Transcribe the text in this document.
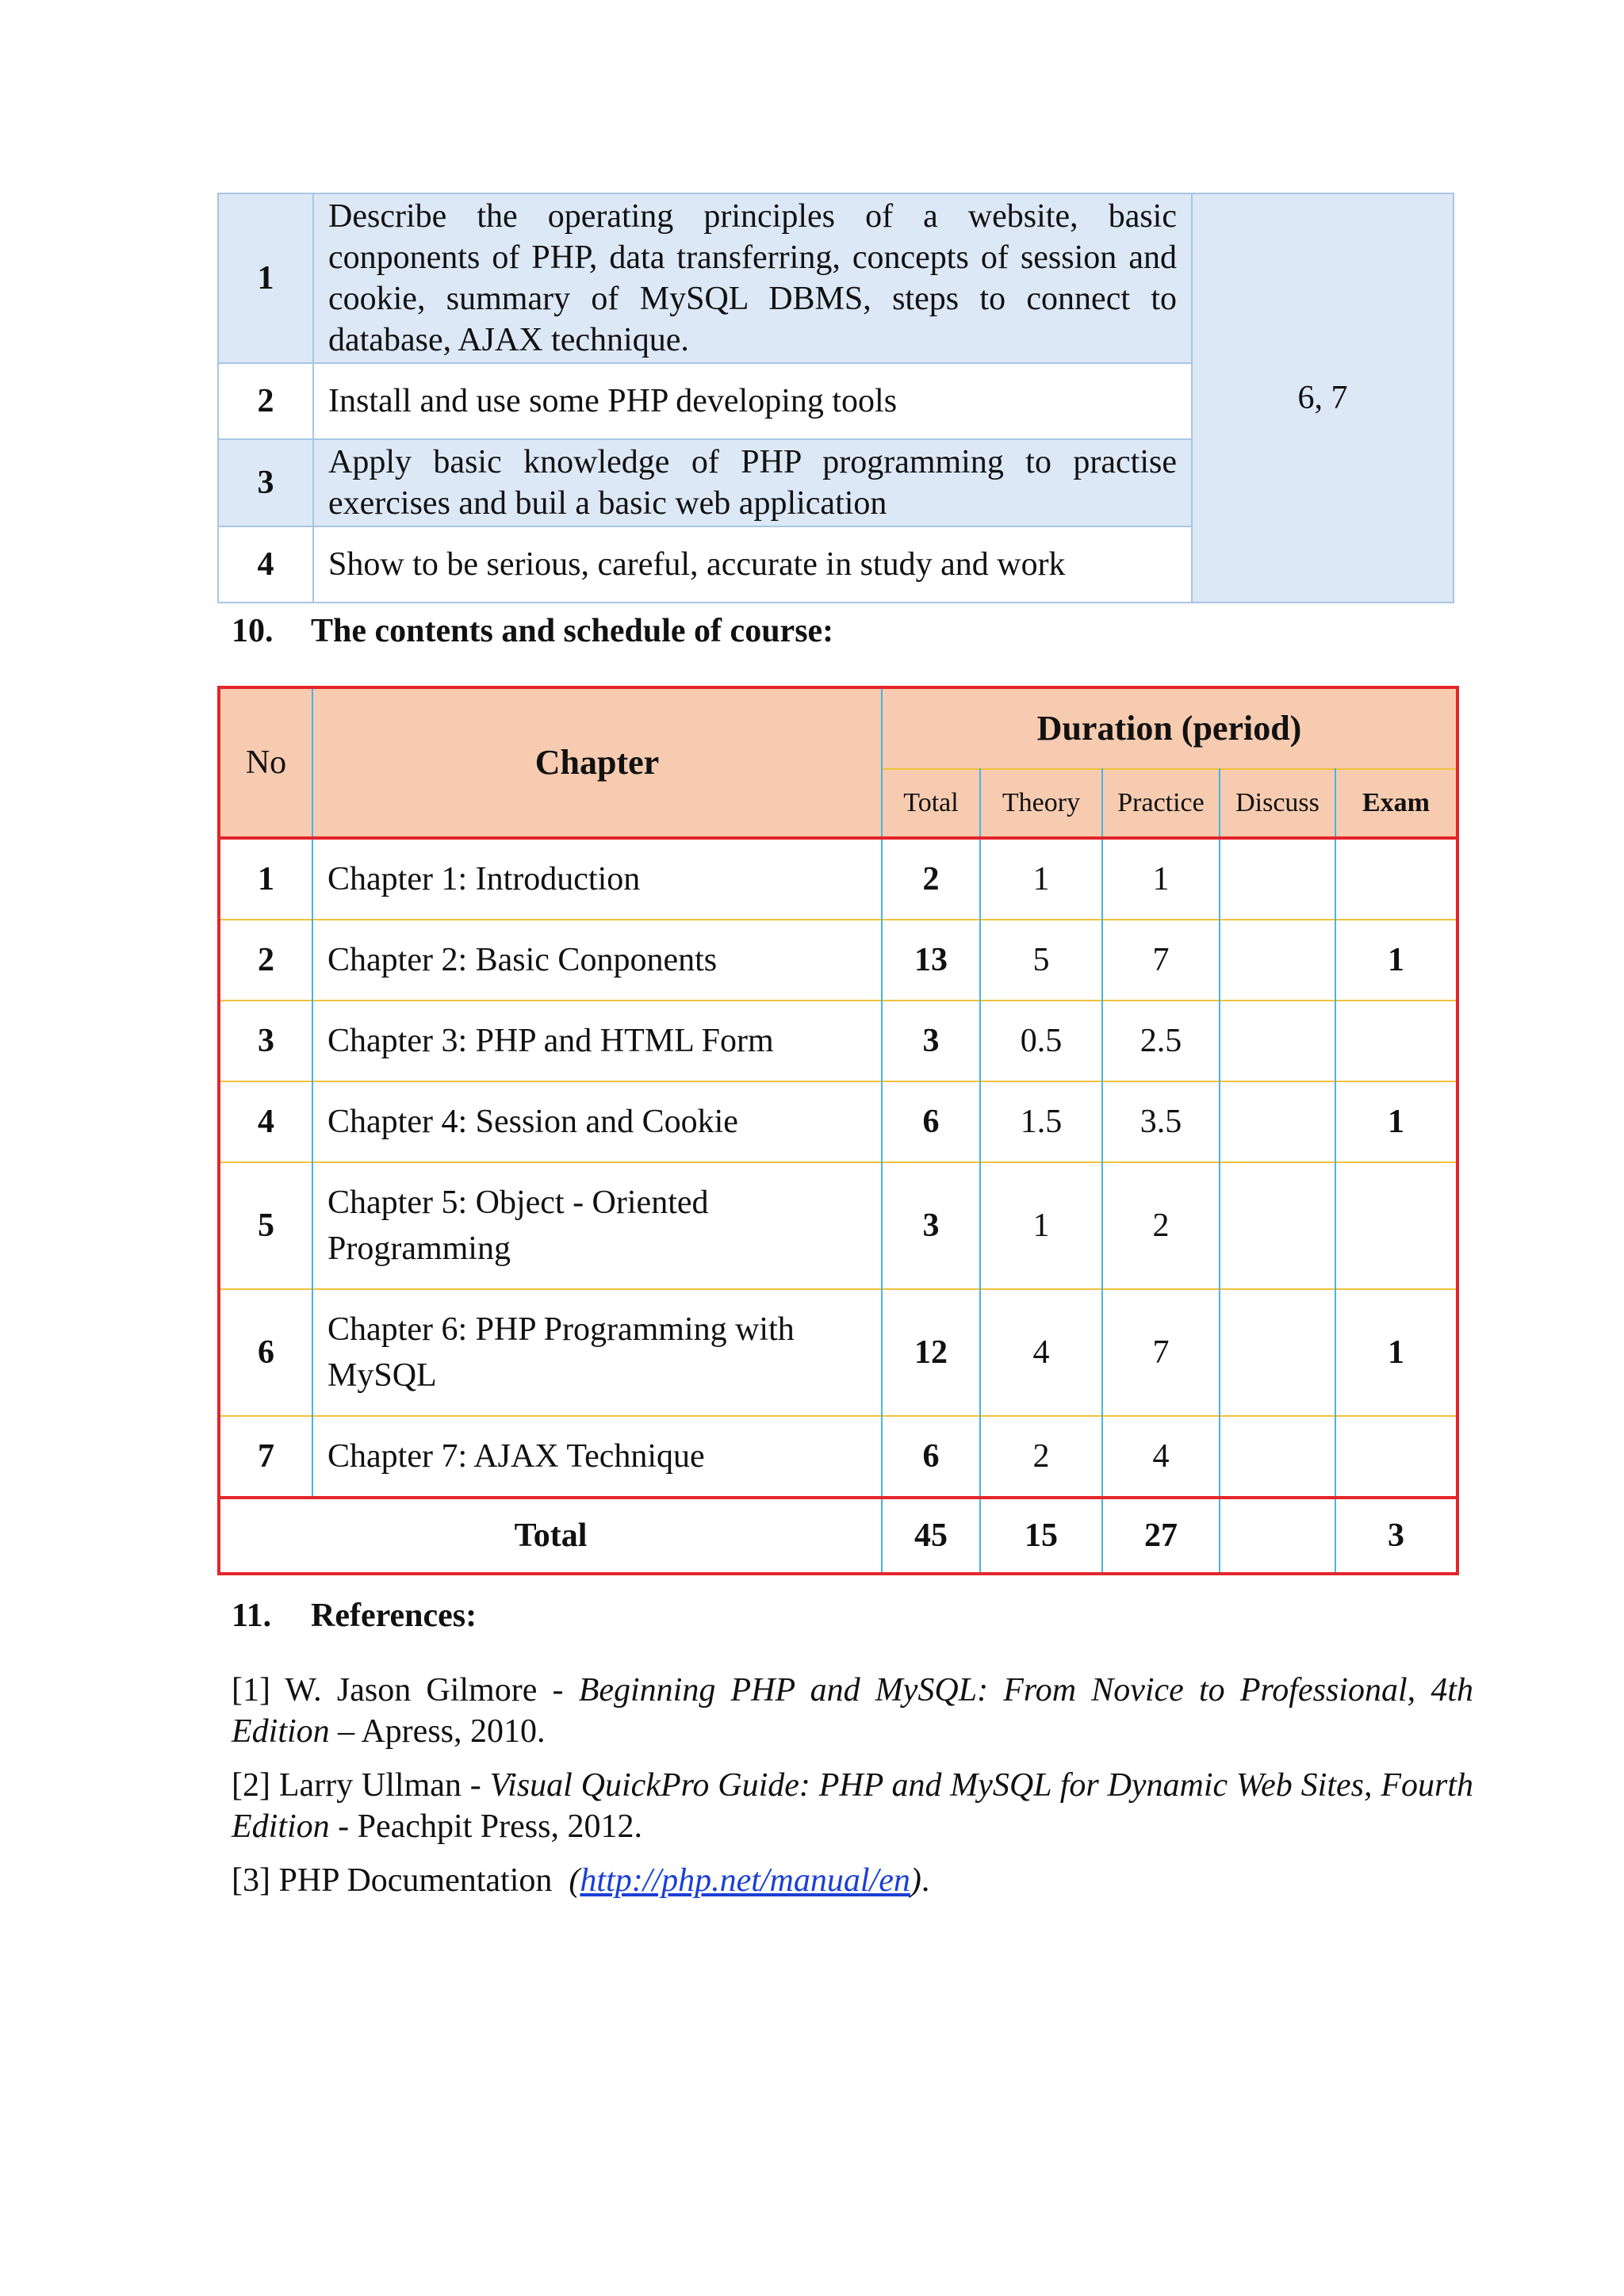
1	Describe the operating principles of a website, basic conponents of PHP, data transferring, concepts of session and cookie, summary of MySQL DBMS, steps to connect to database, AJAX technique.	6, 7
2	Install and use some PHP developing tools	
3	Apply basic knowledge of PHP programming to practise exercises and buil a basic web application	
4	Show to be serious, careful, accurate in study and work	
10. The contents and schedule of course:
No	Chapter	Duration (period)				
		Total	Theory	Practice	Discuss	Exam
1	Chapter 1: Introduction	2	1	1		
2	Chapter 2: Basic Conponents	13	5	7		1
3	Chapter 3: PHP and HTML Form	3	0.5	2.5		
4	Chapter 4: Session and Cookie	6	1.5	3.5		1
5	Chapter 5: Object - Oriented Programming	3	1	2		
6	Chapter 6: PHP Programming with MySQL	12	4	7		1
7	Chapter 7: AJAX Technique	6	2	4		
Total		45	15	27		3
11. References:

[1] W. Jason Gilmore - Beginning PHP and MySQL: From Novice to Professional, 4th Edition – Apress, 2010.

[2] Larry Ullman - Visual QuickPro Guide: PHP and MySQL for Dynamic Web Sites, Fourth Edition - Peachpit Press, 2012.

[3] PHP Documentation  (http://php.net/manual/en).
